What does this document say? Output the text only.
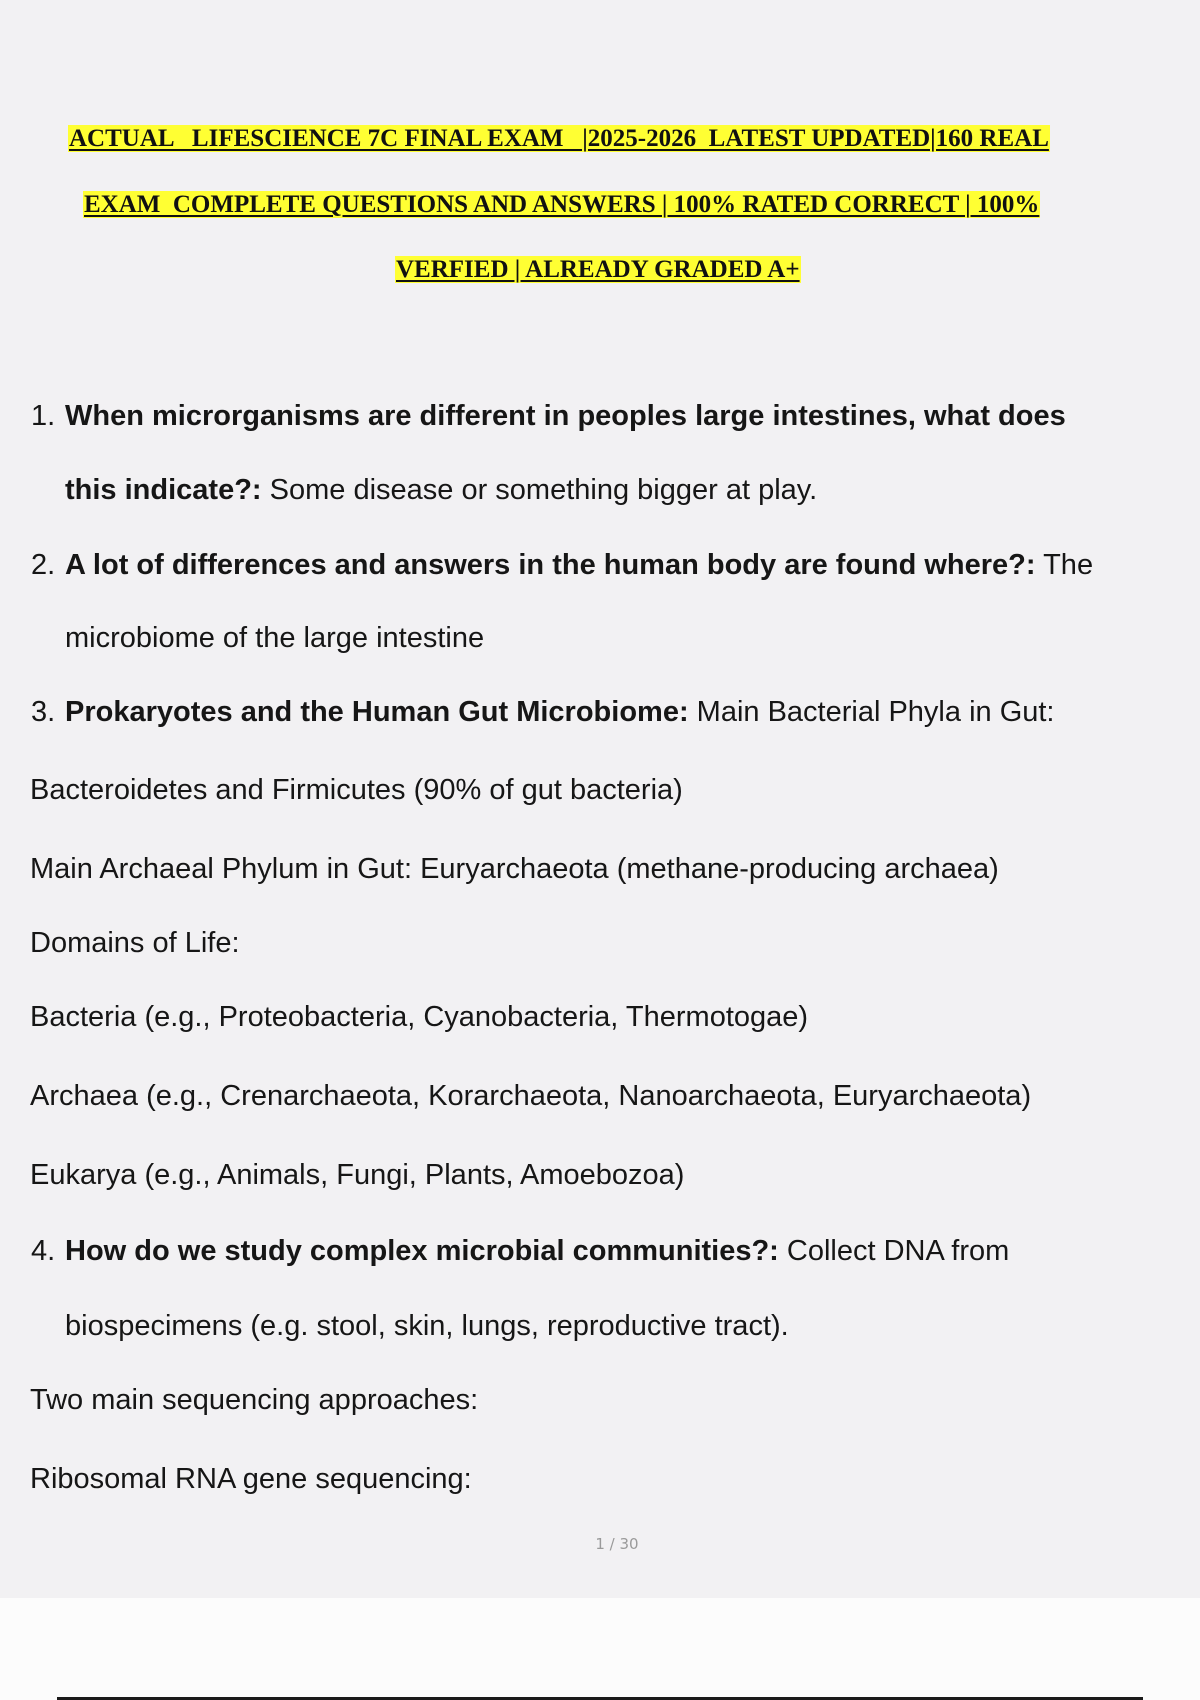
ACTUAL   LIFESCIENCE 7C FINAL EXAM   |2025-2026  LATEST UPDATED|160 REAL
EXAM  COMPLETE QUESTIONS AND ANSWERS | 100% RATED CORRECT | 100%
VERFIED | ALREADY GRADED A+
1. When microrganisms are different in peoples large intestines, what does
this indicate?: Some disease or something bigger at play.
2. A lot of differences and answers in the human body are found where?: The
microbiome of the large intestine
3. Prokaryotes and the Human Gut Microbiome: Main Bacterial Phyla in Gut:
Bacteroidetes and Firmicutes (90% of gut bacteria)
Main Archaeal Phylum in Gut: Euryarchaeota (methane-producing archaea)
Domains of Life:
Bacteria (e.g., Proteobacteria, Cyanobacteria, Thermotogae)
Archaea (e.g., Crenarchaeota, Korarchaeota, Nanoarchaeota, Euryarchaeota)
Eukarya (e.g., Animals, Fungi, Plants, Amoebozoa)
4. How do we study complex microbial communities?: Collect DNA from
biospecimens (e.g. stool, skin, lungs, reproductive tract).
Two main sequencing approaches:
Ribosomal RNA gene sequencing:
1 / 30
